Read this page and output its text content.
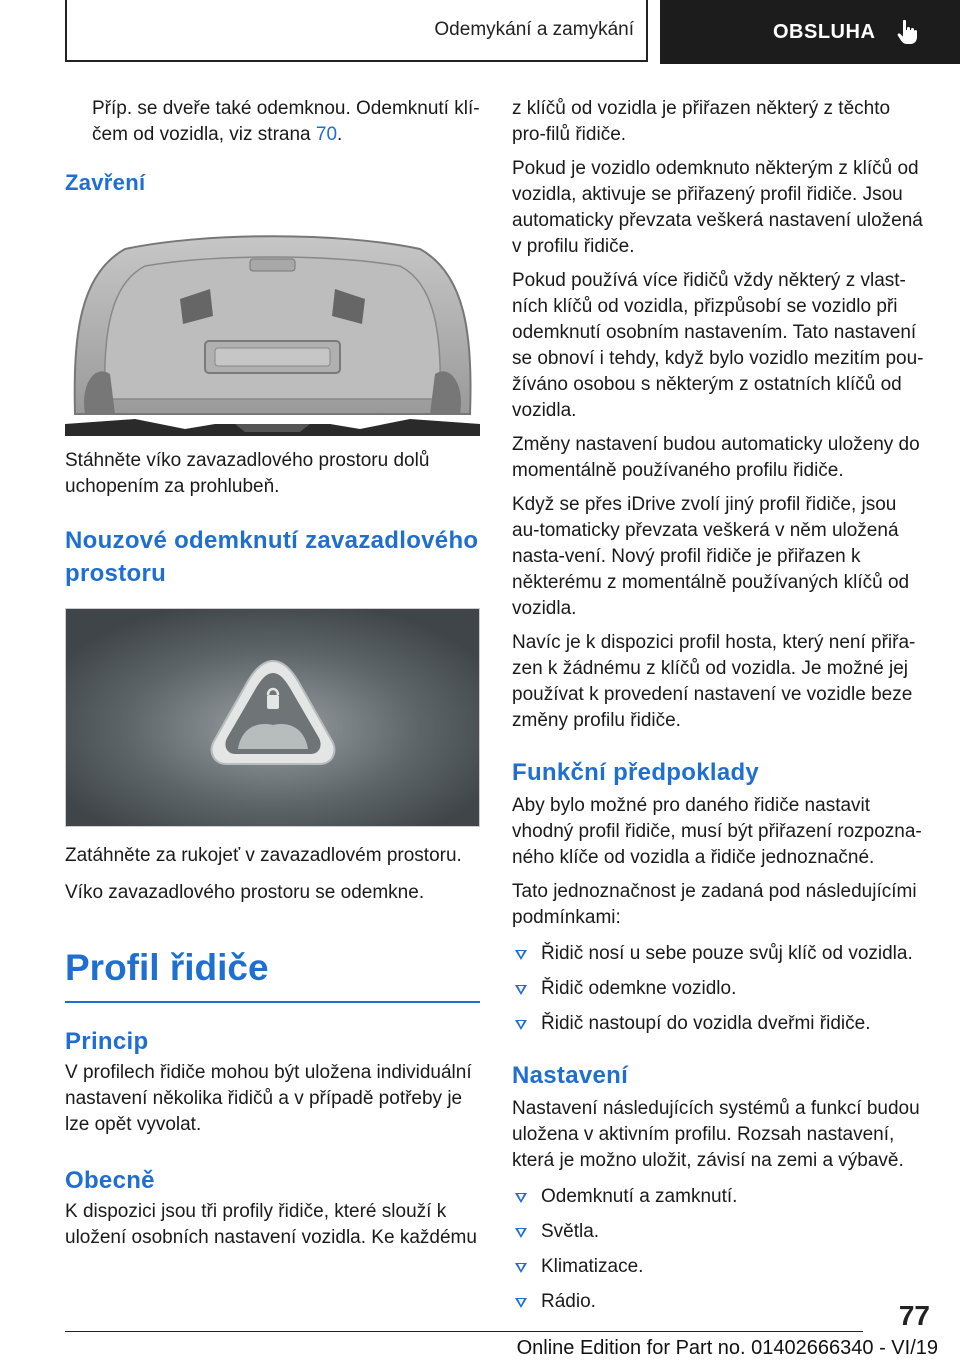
Odemykání a zamykání	OBSLUHA

Příp. se dveře také odemknou. Odemknutí klí‐
čem od vozidla, viz strana 70.

Zavření

Stáhněte víko zavazadlového prostoru dolů uchopením za prohlubeň.

Nouzové odemknutí zavazadlového prostoru

Zatáhněte za rukojeť v zavazadlovém prostoru.

Víko zavazadlového prostoru se odemkne.

Profil řidiče
Princip

V profilech řidiče mohou být uložena individuální nastavení několika řidičů a v případě potřeby je lze opět vyvolat.

Obecně

K dispozici jsou tři profily řidiče, které slouží k uložení osobních nastavení vozidla. Ke každému

z klíčů od vozidla je přiřazen některý z těchto pro‐fi‍lů řidiče.

Pokud je vozidlo odemknuto některým z klíčů od vozidla, aktivuje se přiřazený profil řidiče. Jsou automaticky převzata veškerá nastavení uložená v profilu řidiče.

Pokud používá více řidičů vždy některý z vlast‐ních klíčů od vozidla, přizpůsobí se vozidlo při odemknutí osobním nastavením. Tato nastavení se obnoví i tehdy, když bylo vozidlo mezitím pou‐žíváno osobou s některým z ostatních klíčů od vozidla.

Změny nastavení budou automaticky uloženy do momentálně používaného profilu řidiče.

Když se přes iDrive zvolí jiný profil řidiče, jsou au‐tomaticky převzata veškerá v něm uložená nasta‐vení. Nový profil řidiče je přiřazen k některému z momentálně používaných klíčů od vozidla.

Navíc je k dispozici profil hosta, který není přiřa‐zen k žádnému z klíčů od vozidla. Je možné jej používat k provedení nastavení ve vozidle beze změny profilu řidiče.

Funkční předpoklady

Aby bylo možné pro daného řidiče nastavit vhodný profil řidiče, musí být přiřazení rozpozna‐ného klíče od vozidla a řidiče jednoznačné.

Tato jednoznačnost je zadaná pod následujícími podmínkami:

Řidič nosí u sebe pouze svůj klíč od vozidla.
Řidič odemkne vozidlo.
Řidič nastoupí do vozidla dveřmi řidiče.
Nastavení

Nastavení následujících systémů a funkcí budou uložena v aktivním profilu. Rozsah nastavení, která je možno uložit, závisí na zemi a výbavě.

Odemknutí a zamknutí.
Světla.
Klimatizace.
Rádio.	77
Online Edition for Part no. 01402666340 - VI/19
